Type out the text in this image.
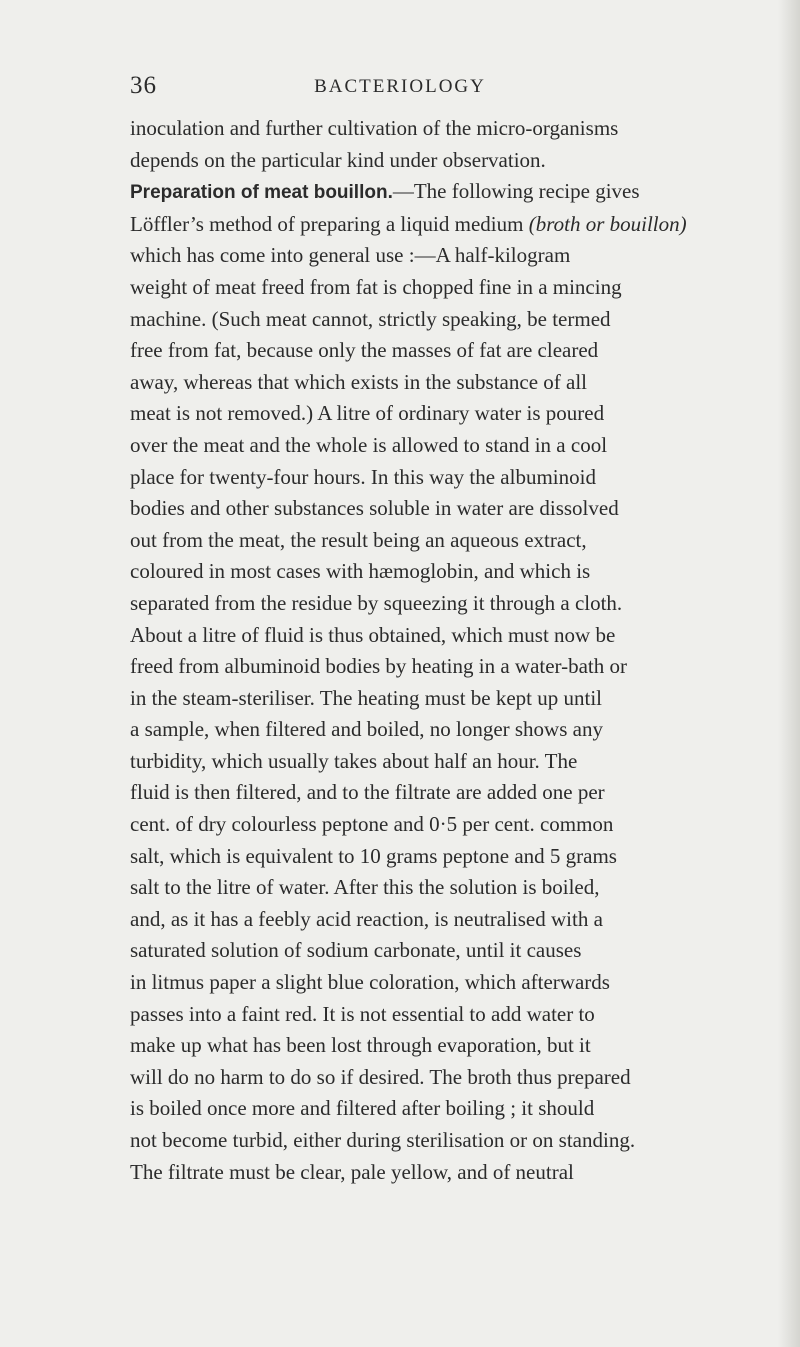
36	BACTERIOLOGY
inoculation and further cultivation of the micro-organisms
depends on the particular kind under observation.
Preparation of meat bouillon.—The following recipe gives
Löffler’s method of preparing a liquid medium (broth or bouillon)
which has come into general use :—A half-kilogram
weight of meat freed from fat is chopped fine in a mincing
machine. (Such meat cannot, strictly speaking, be termed
free from fat, because only the masses of fat are cleared
away, whereas that which exists in the substance of all
meat is not removed.) A litre of ordinary water is poured
over the meat and the whole is allowed to stand in a cool
place for twenty-four hours. In this way the albuminoid
bodies and other substances soluble in water are dissolved
out from the meat, the result being an aqueous extract,
coloured in most cases with hæmoglobin, and which is
separated from the residue by squeezing it through a cloth.
About a litre of fluid is thus obtained, which must now be
freed from albuminoid bodies by heating in a water-bath or
in the steam-steriliser. The heating must be kept up until
a sample, when filtered and boiled, no longer shows any
turbidity, which usually takes about half an hour. The
fluid is then filtered, and to the filtrate are added one per
cent. of dry colourless peptone and 0·5 per cent. common
salt, which is equivalent to 10 grams peptone and 5 grams
salt to the litre of water. After this the solution is boiled,
and, as it has a feebly acid reaction, is neutralised with a
saturated solution of sodium carbonate, until it causes
in litmus paper a slight blue coloration, which afterwards
passes into a faint red. It is not essential to add water to
make up what has been lost through evaporation, but it
will do no harm to do so if desired. The broth thus prepared
is boiled once more and filtered after boiling ; it should
not become turbid, either during sterilisation or on standing.
The filtrate must be clear, pale yellow, and of neutral
